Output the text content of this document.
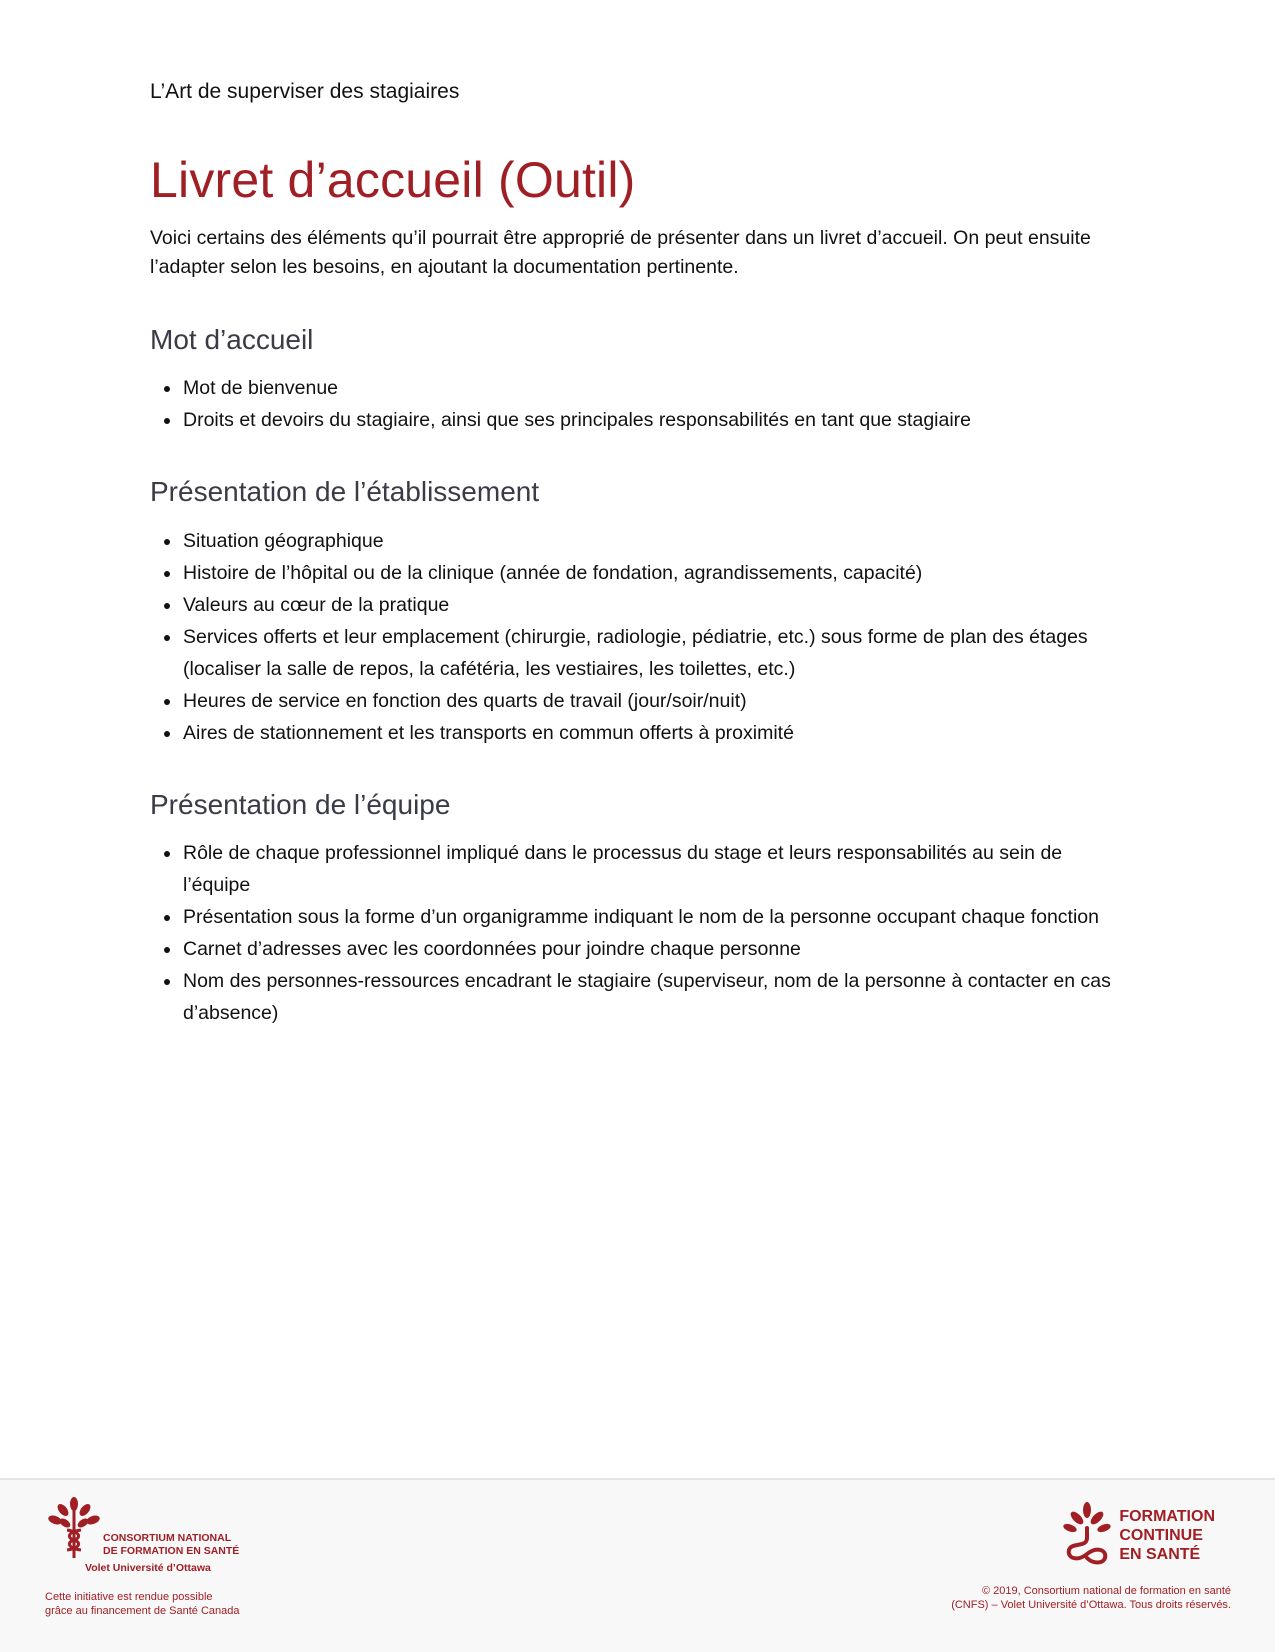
L’Art de superviser des stagiaires
Livret d’accueil (Outil)

Voici certains des éléments qu’il pourrait être approprié de présenter dans un livret d’accueil. On peut ensuite l’adapter selon les besoins, en ajoutant la documentation pertinente.

Mot d’accueil
Mot de bienvenue
Droits et devoirs du stagiaire, ainsi que ses principales responsabilités en tant que stagiaire
Présentation de l’établissement
Situation géographique
Histoire de l’hôpital ou de la clinique (année de fondation, agrandissements, capacité)
Valeurs au cœur de la pratique
Services offerts et leur emplacement (chirurgie, radiologie, pédiatrie, etc.) sous forme de plan des étages (localiser la salle de repos, la cafétéria, les vestiaires, les toilettes, etc.)
Heures de service en fonction des quarts de travail (jour/soir/nuit)
Aires de stationnement et les transports en commun offerts à proximité
Présentation de l’équipe
Rôle de chaque professionnel impliqué dans le processus du stage et leurs responsabilités au sein de l’équipe
Présentation sous la forme d’un organigramme indiquant le nom de la personne occupant chaque fonction
Carnet d’adresses avec les coordonnées pour joindre chaque personne
Nom des personnes-ressources encadrant le stagiaire (superviseur, nom de la personne à contacter en cas d’absence)
CONSORTIUM NATIONAL
DE FORMATION EN SANTÉ
Volet Université d’Ottawa
Cette initiative est rendue possible
grâce au financement de Santé Canada
FORMATION
CONTINUE
EN SANTÉ
© 2019, Consortium national de formation en santé
(CNFS) – Volet Université d’Ottawa. Tous droits réservés.
